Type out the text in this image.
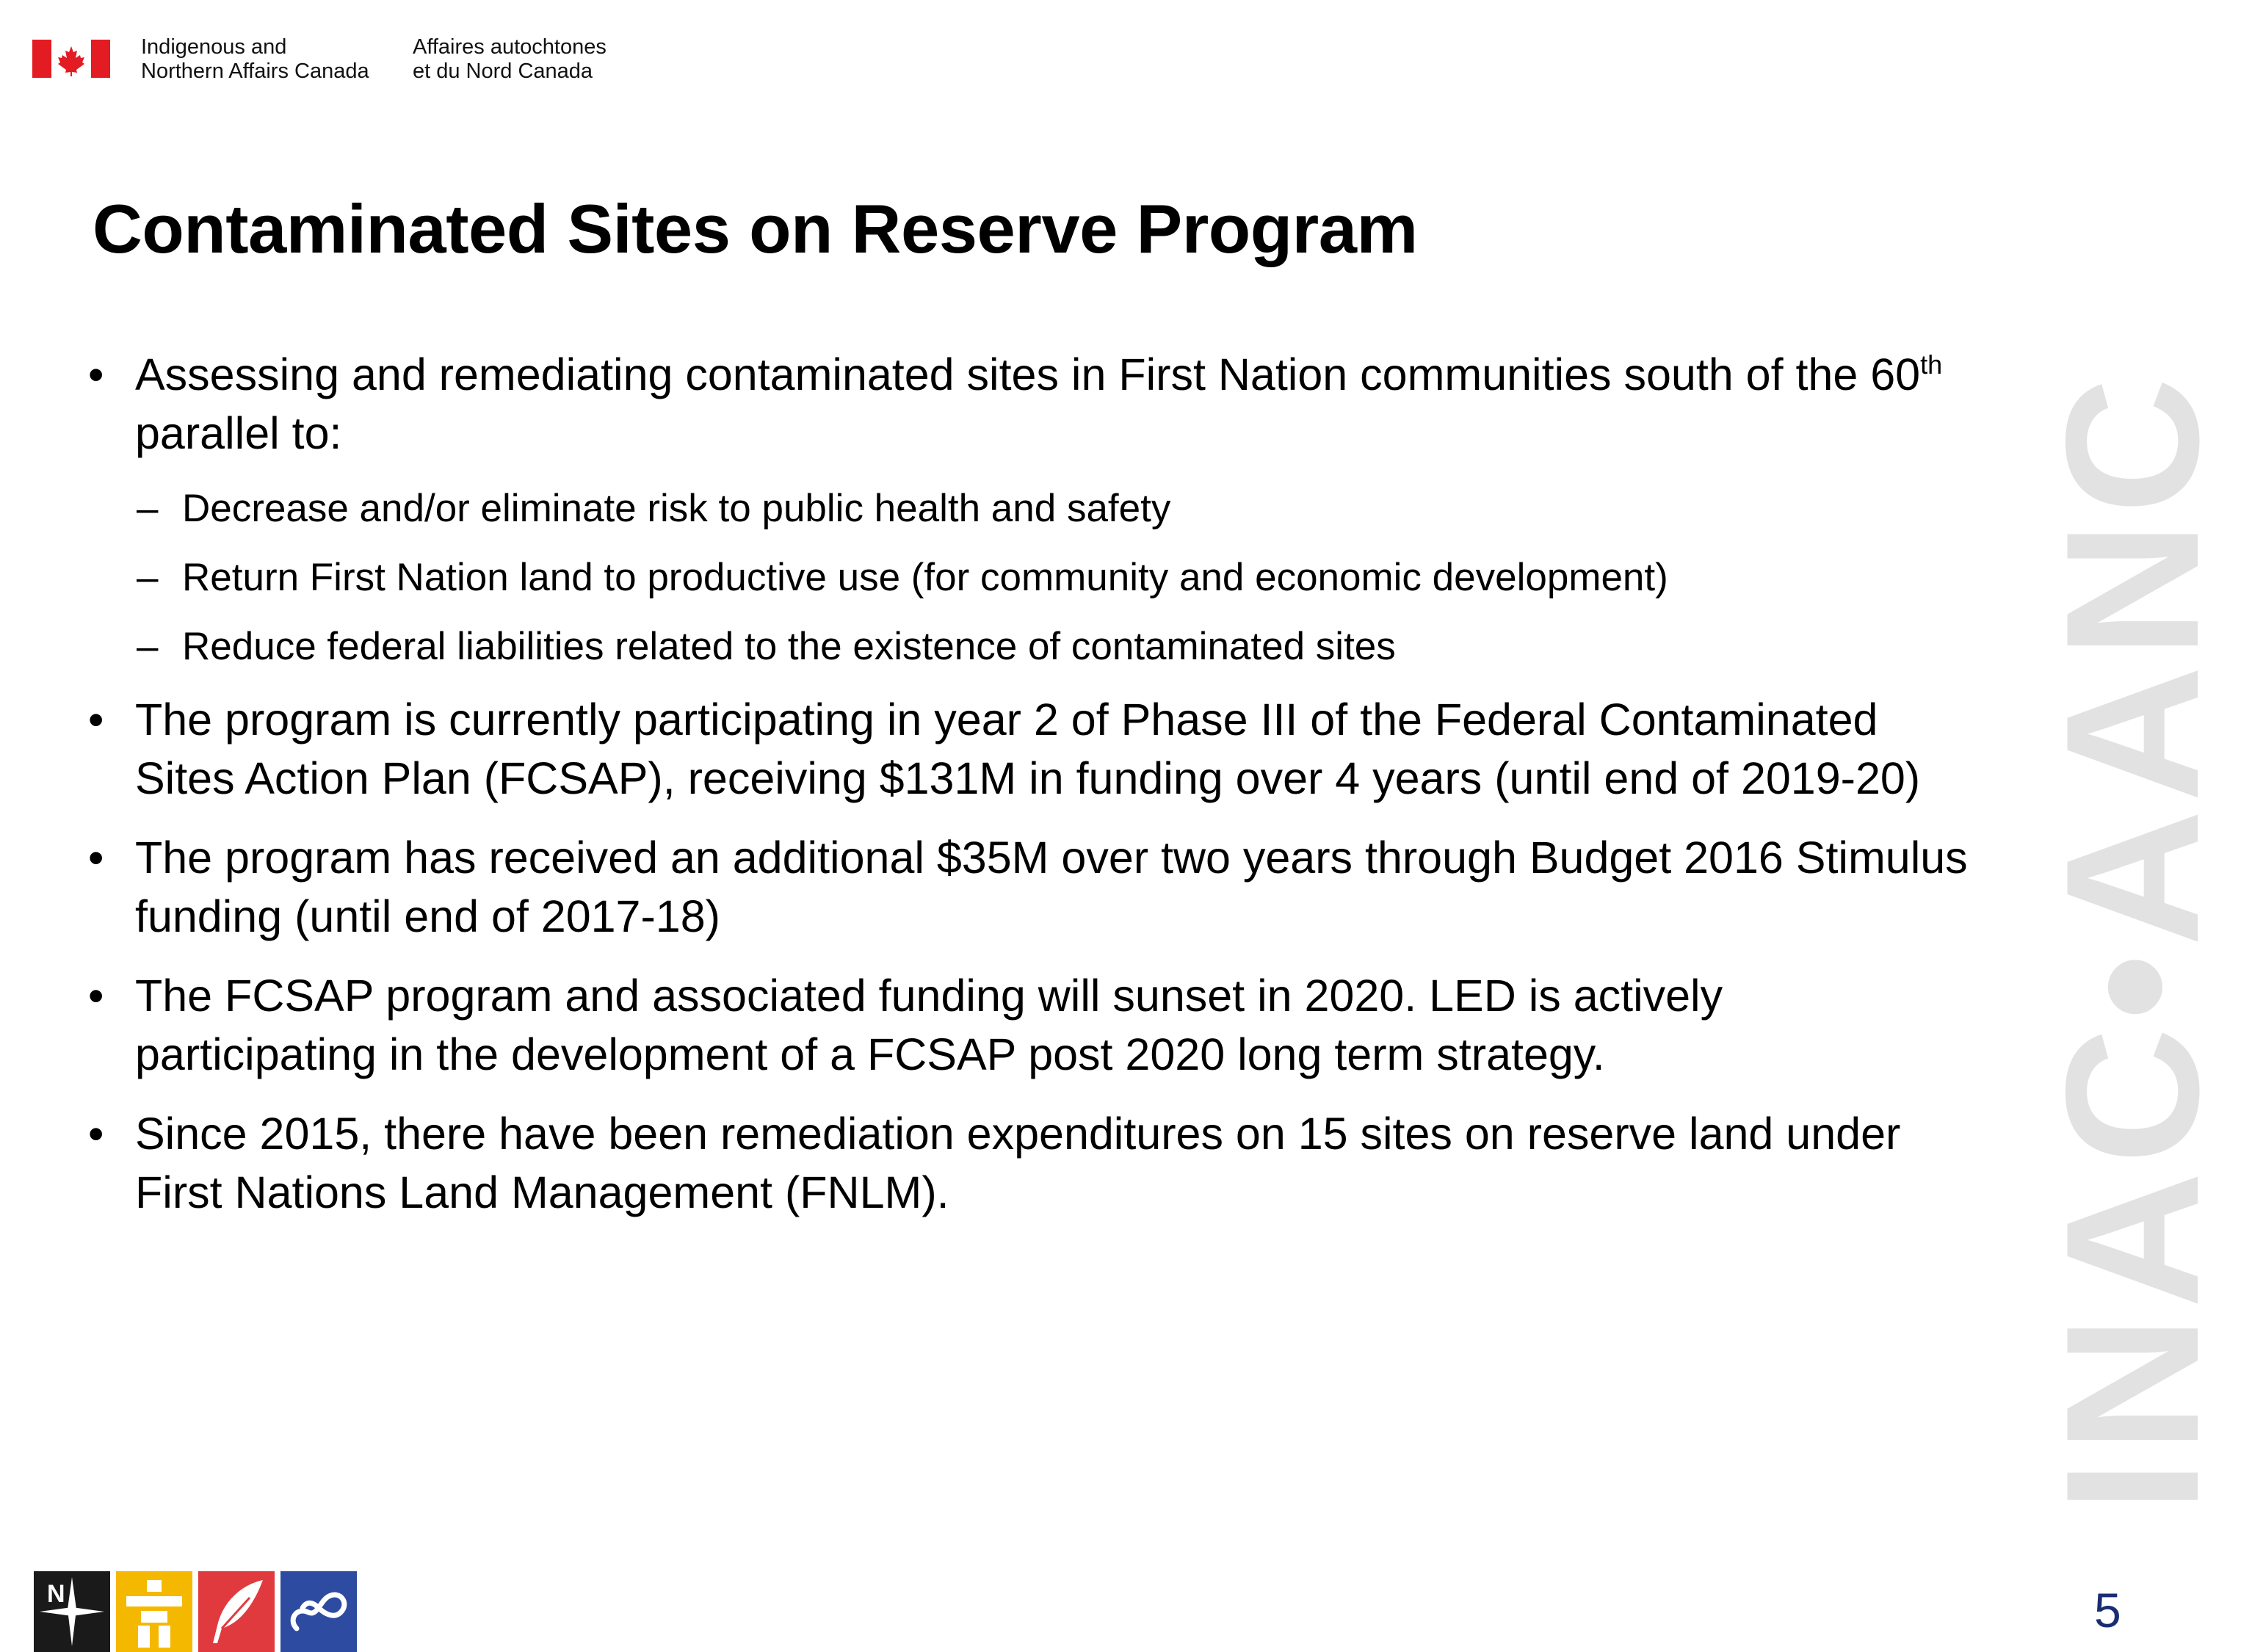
Indigenous and
Northern Affairs Canada
Affaires autochtones
et du Nord Canada
Contaminated Sites on Reserve Program
• Assessing and remediating contaminated sites in First Nation communities south of the 60th parallel to:
– Decrease and/or eliminate risk to public health and safety
– Return First Nation land to productive use (for community and economic development)
– Reduce federal liabilities related to the existence of contaminated sites
• The program is currently participating in year 2 of Phase III of the Federal Contaminated Sites Action Plan (FCSAP), receiving $131M in funding over 4 years (until end of 2019-20)
• The program has received an additional $35M over two years through Budget 2016 Stimulus funding (until end of 2017-18)
• The FCSAP program and associated funding will sunset in 2020. LED is actively participating in the development of a FCSAP post 2020 long term strategy.
• Since 2015, there have been remediation expenditures on 15 sites on reserve land under First Nations Land Management (FNLM).	INAC•AANC
N	5
